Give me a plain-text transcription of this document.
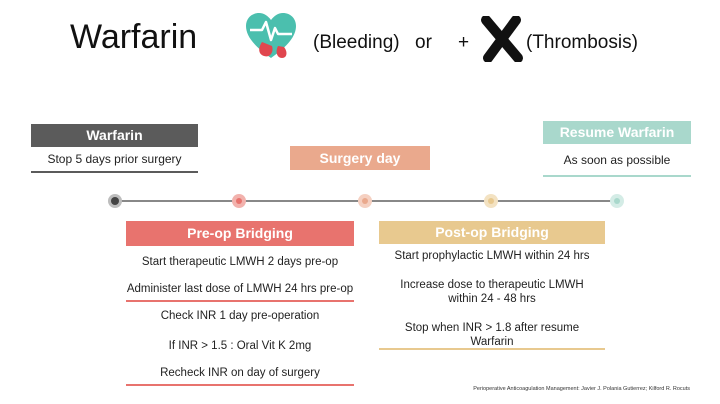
Warfarin	(Bleeding) or +	(Thrombosis)
Warfarin
Stop 5 days prior surgery	Surgery day
Resume Warfarin
As soon as possible
Pre-op Bridging
Start therapeutic LMWH 2 days pre-op
Administer last dose of LMWH 24 hrs pre-op
Check INR 1 day pre-operation
If INR > 1.5 : Oral Vit K 2mg
Recheck INR on day of surgery
Post-op Bridging
Start prophylactic LMWH within 24 hrs
Increase dose to therapeutic LMWH within 24 - 48 hrs
Stop when INR > 1.8 after resume Warfarin
Perioperative Anticoagulation Management: Javier J. Polania Gutierrez; Kilford R. Rocuts
